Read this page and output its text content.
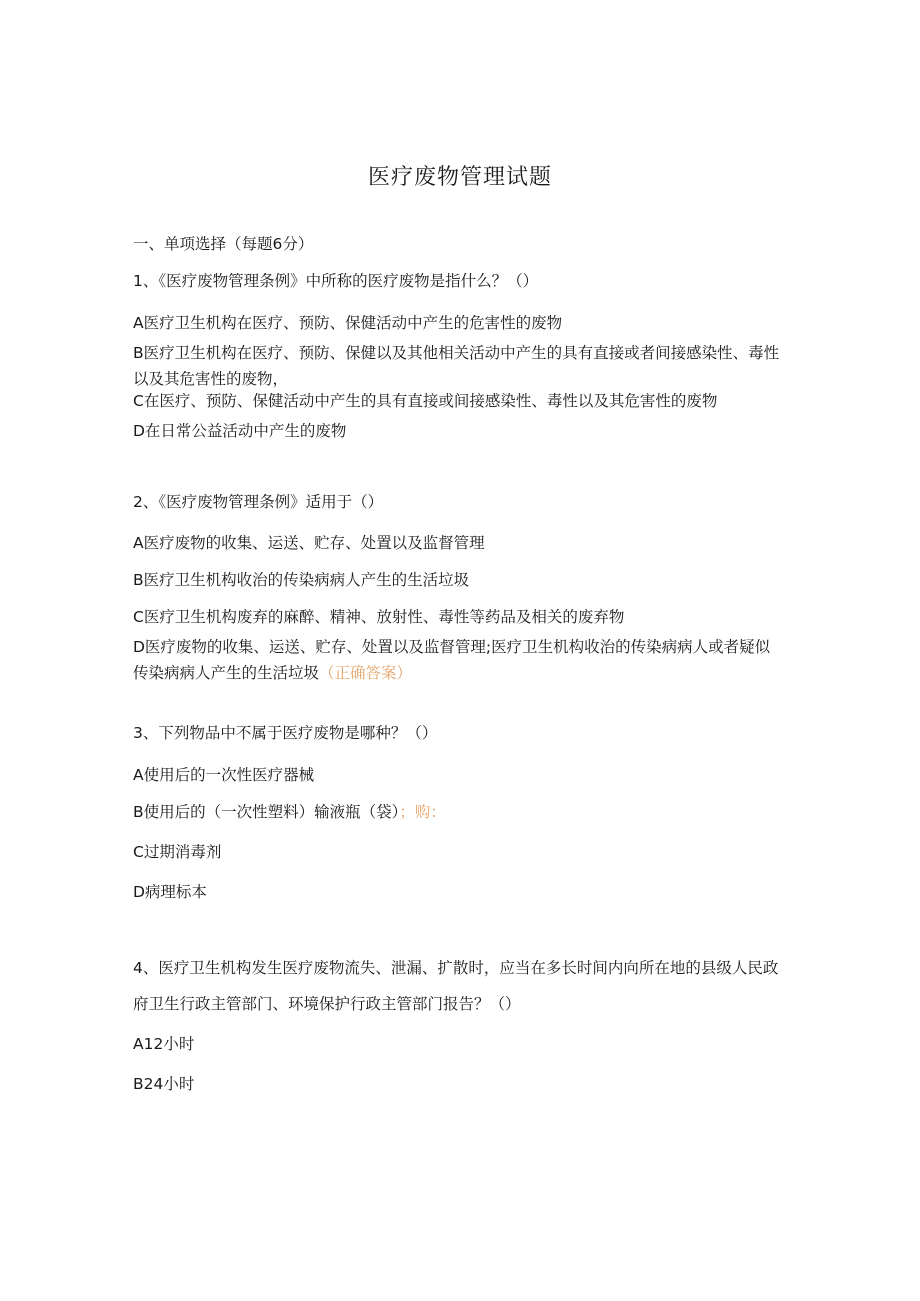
医疗废物管理试题
一、单项选择（每题6分）
1、《医疗废物管理条例》中所称的医疗废物是指什么？（）
A医疗卫生机构在医疗、预防、保健活动中产生的危害性的废物
B医疗卫生机构在医疗、预防、保健以及其他相关活动中产生的具有直接或者间接感染性、毒性以及其危害性的废物，
C在医疗、预防、保健活动中产生的具有直接或间接感染性、毒性以及其危害性的废物
D在日常公益活动中产生的废物
2、《医疗废物管理条例》适用于（）
A医疗废物的收集、运送、贮存、处置以及监督管理
B医疗卫生机构收治的传染病病人产生的生活垃圾
C医疗卫生机构废弃的麻醉、精神、放射性、毒性等药品及相关的废弃物
D医疗废物的收集、运送、贮存、处置以及监督管理;医疗卫生机构收治的传染病病人或者疑似传染病病人产生的生活垃圾（正确答案）
3、下列物品中不属于医疗废物是哪种？（）
A使用后的一次性医疗器械
B使用后的（一次性塑料）输液瓶（袋）；购：
C过期消毒剂
D病理标本
4、医疗卫生机构发生医疗废物流失、泄漏、扩散时，应当在多长时间内向所在地的县级人民政府卫生行政主管部门、环境保护行政主管部门报告？（）
A12小时
B24小时
